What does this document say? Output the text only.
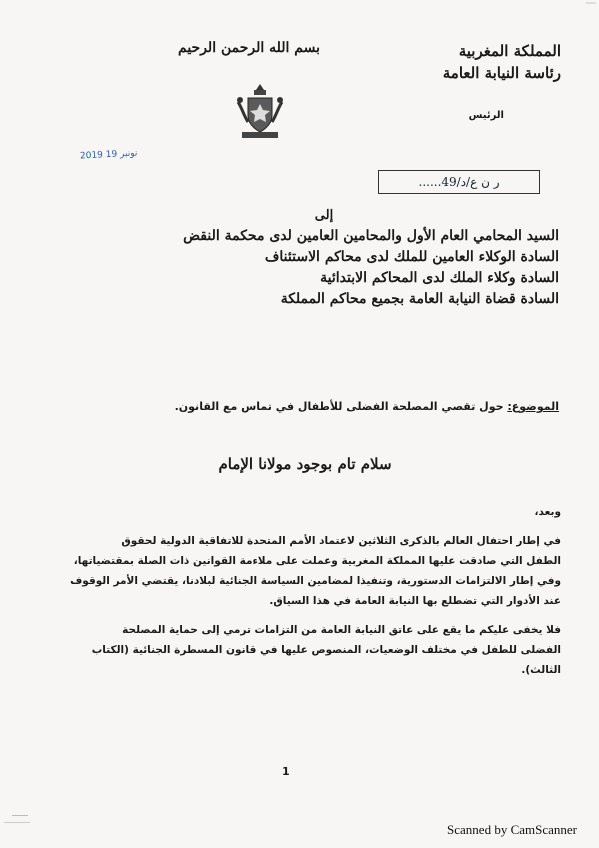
المملكة المغربية
رئاسة النيابة العامة
الرئيس
بسم الله الرحمن الرحيم
2019 نونبر 19
......49/ر ن ع/د
إلى
السيد المحامي العام الأول والمحامين العامين لدى محكمة النقض
السادة الوكلاء العامين للملك لدى محاكم الاستئناف
السادة وكلاء الملك لدى المحاكم الابتدائية
السادة قضاة النيابة العامة بجميع محاكم المملكة
الموضوع: حول تقصي المصلحة الفضلى للأطفال في تماس مع القانون.
سلام تام بوجود مولانا الإمام

وبعد،

في إطار احتفال العالم بالذكرى الثلاثين لاعتماد الأمم المتحدة للاتفاقية الدولية لحقوق

الطفل التي صادقت عليها المملكة المغربية وعملت على ملاءمة القوانين ذات الصلة بمقتضياتها،

وفي إطار الالتزامات الدستورية، وتنفيذا لمضامين السياسة الجنائية لبلادنا، يقتضي الأمر الوقوف

عند الأدوار التي تضطلع بها النيابة العامة في هذا السياق.

فلا يخفى عليكم ما يقع على عاتق النيابة العامة من التزامات ترمي إلى حماية المصلحة

الفضلى للطفل في مختلف الوضعيات، المنصوص عليها في قانون المسطرة الجنائية (الكتاب

الثالث).

1
Scanned by CamScanner
